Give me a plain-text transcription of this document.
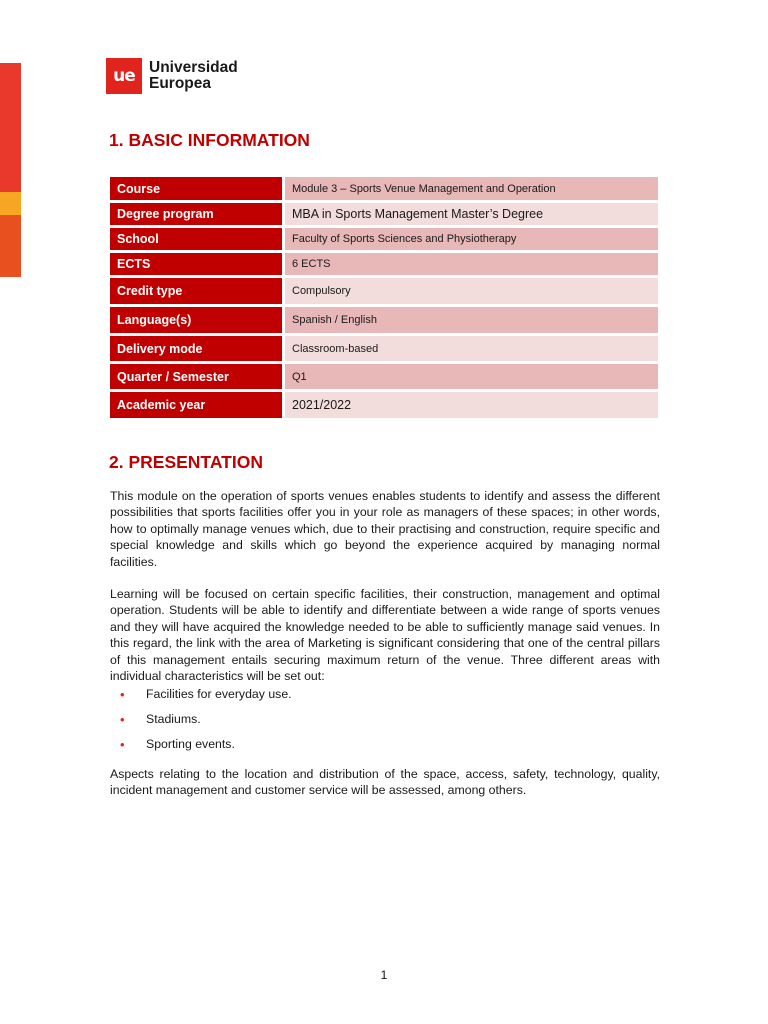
ue Universidad
Europea
1. BASIC INFORMATION
Course	Module 3 – Sports Venue Management and Operation
Degree program	MBA in Sports Management Master’s Degree
School	Faculty of Sports Sciences and Physiotherapy
ECTS	6 ECTS
Credit type	Compulsory
Language(s)	Spanish / English
Delivery mode	Classroom-based
Quarter / Semester	Q1
Academic year	2021/2022
2. PRESENTATION

This module on the operation of sports venues enables students to identify and assess the different possibilities that sports facilities offer you in your role as managers of these spaces; in other words, how to optimally manage venues which, due to their practising and construction, require specific and special knowledge and skills which go beyond the experience acquired by managing normal facilities.

Learning will be focused on certain specific facilities, their construction, management and optimal operation. Students will be able to identify and differentiate between a wide range of sports venues and they will have acquired the knowledge needed to be able to sufficiently manage said venues. In this regard, the link with the area of Marketing is significant considering that one of the central pillars of this management entails securing maximum return of the venue. Three different areas with individual characteristics will be set out:

•	Facilities for everyday use.
•	Stadiums.
•	Sporting events.

Aspects relating to the location and distribution of the space, access, safety, technology, quality, incident management and customer service will be assessed, among others.

1
